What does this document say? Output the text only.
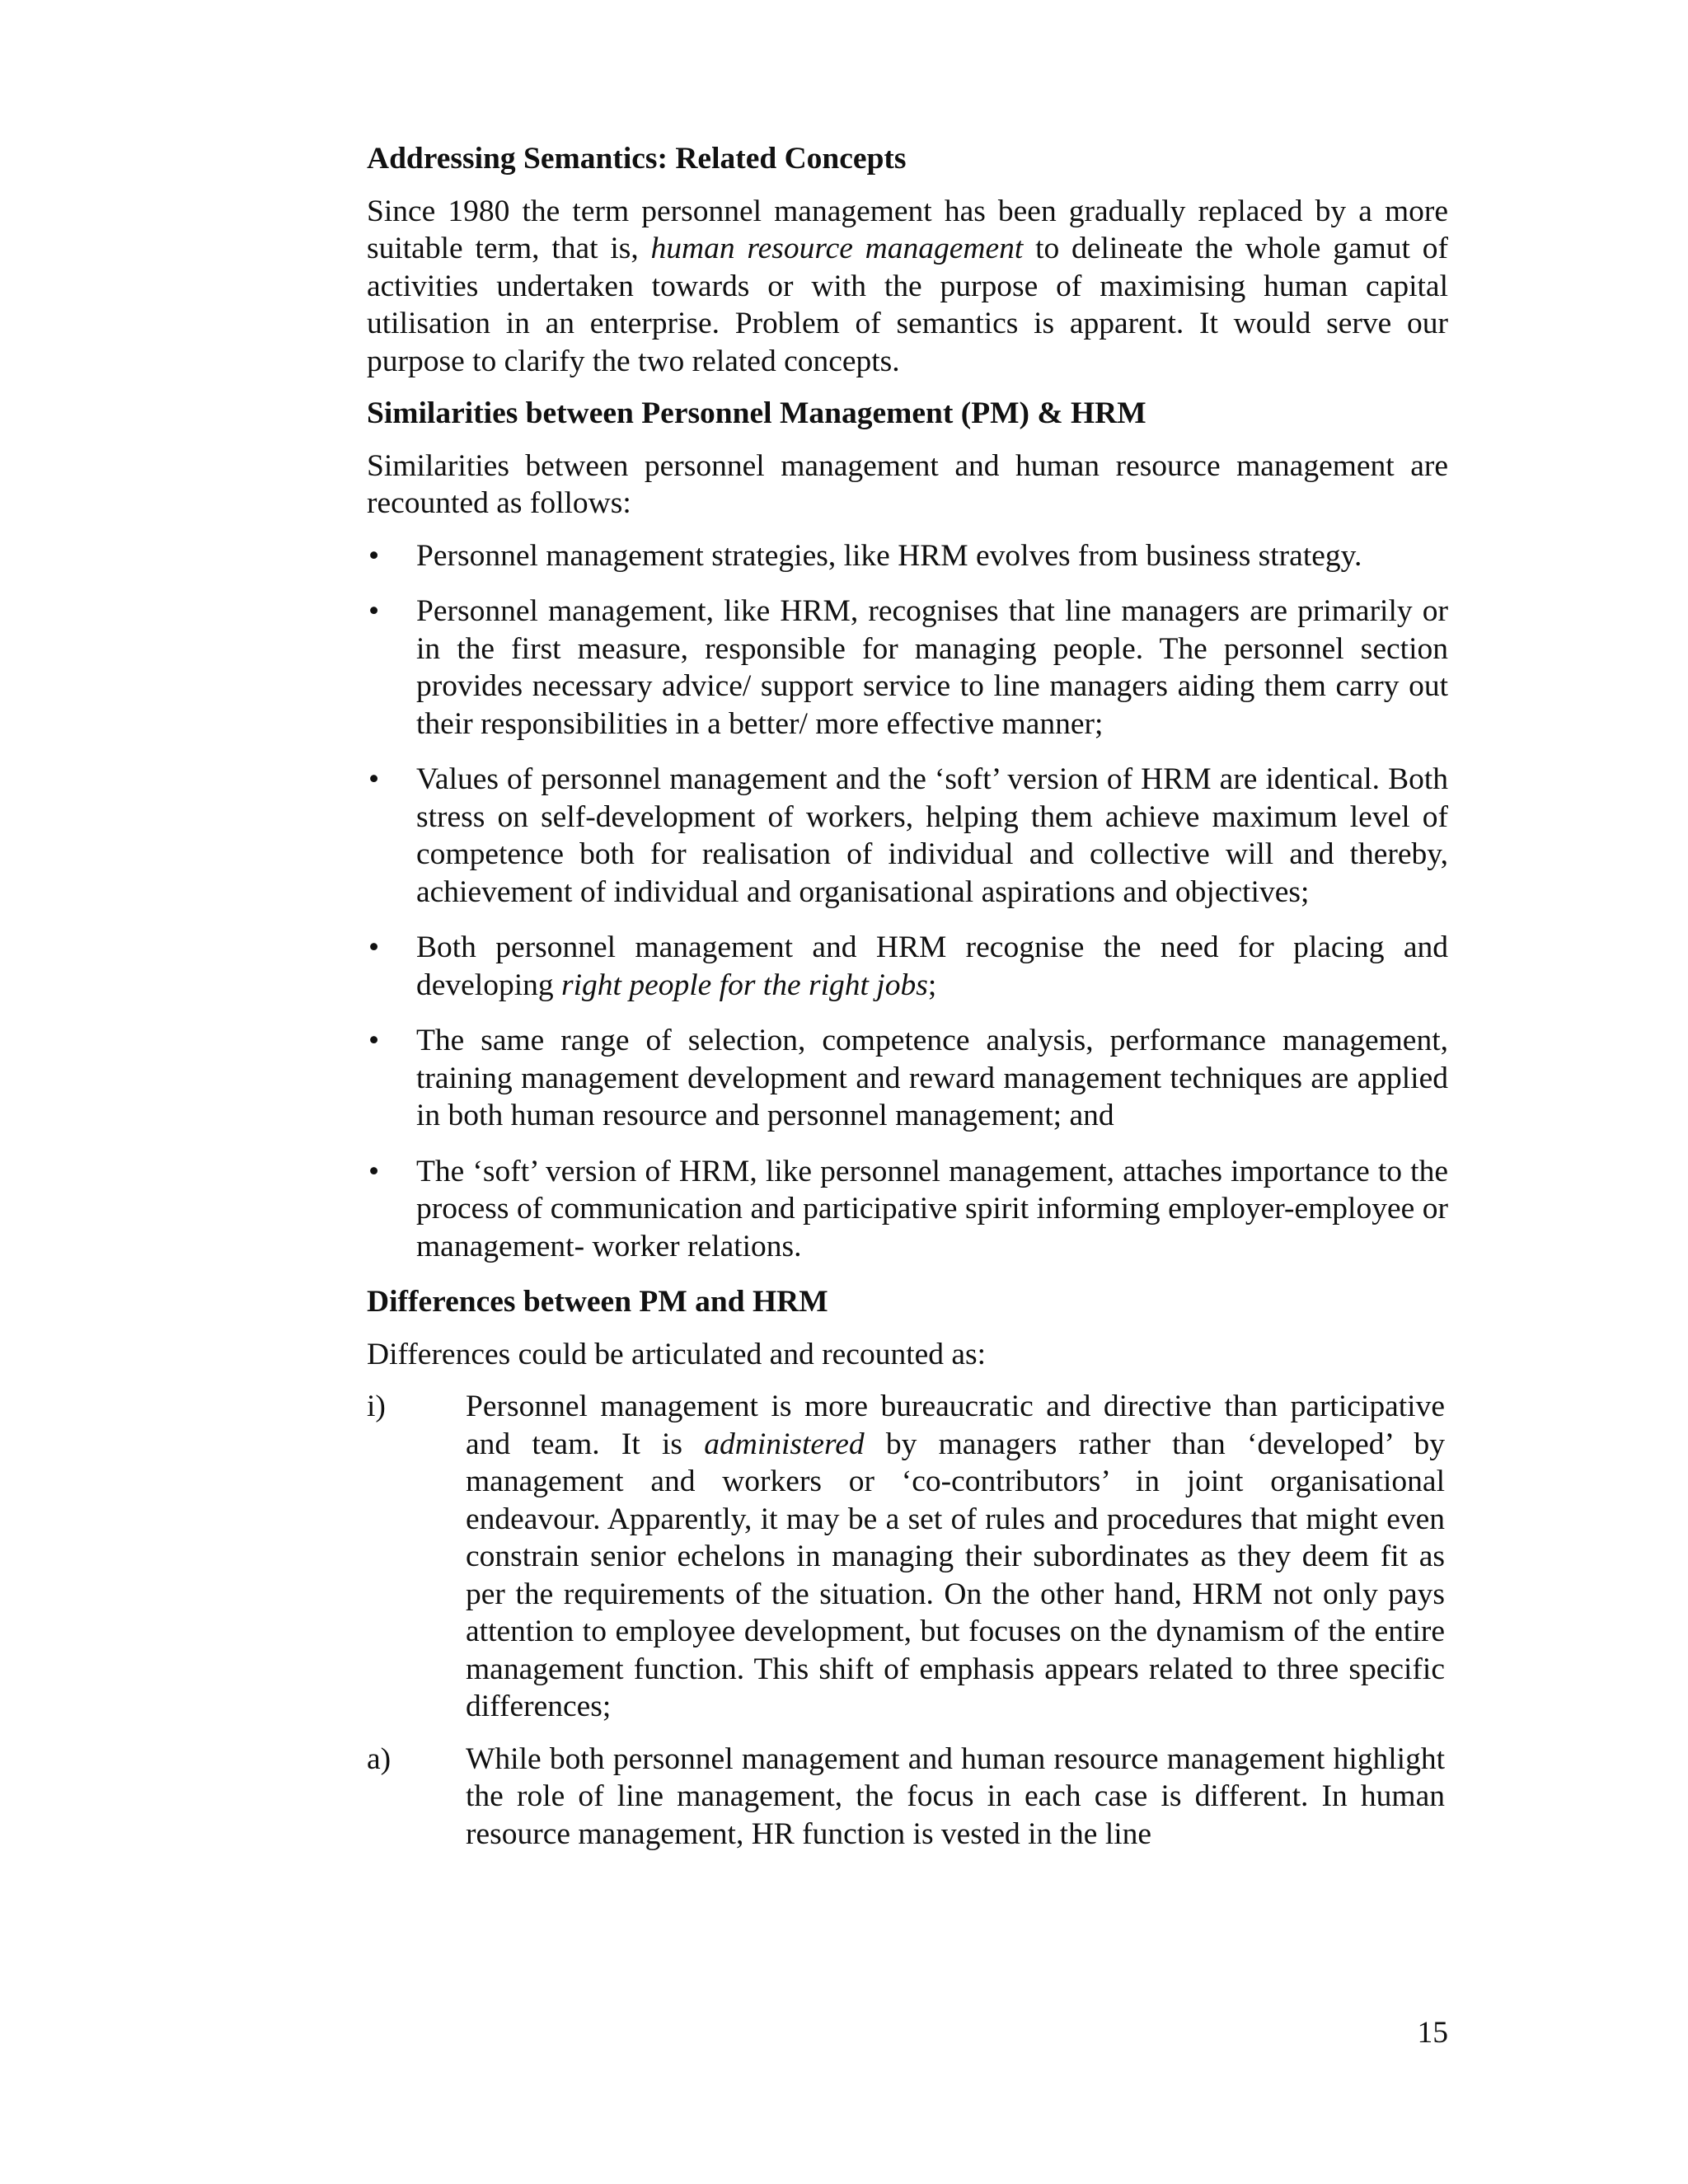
Addressing Semantics: Related Concepts

Since 1980 the term personnel management has been gradually replaced by a more suitable term, that is, human resource management to delineate the whole gamut of activities undertaken towards or with the purpose of maximising human capital utilisation in an enterprise. Problem of semantics is apparent. It would serve our purpose to clarify the two related concepts.

Similarities between Personnel Management (PM) & HRM

Similarities between personnel management and human resource management are recounted as follows:

• Personnel management strategies, like HRM evolves from business strategy.
• Personnel management, like HRM, recognises that line managers are primarily or in the first measure, responsible for managing people. The personnel section provides necessary advice/ support service to line managers aiding them carry out their responsibilities in a better/ more effective manner;
• Values of personnel management and the ‘soft’ version of HRM are identical. Both stress on self-development of workers, helping them achieve maximum level of competence both for realisation of individual and collective will and thereby, achievement of individual and organisational aspirations and objectives;
• Both personnel management and HRM recognise the need for placing and developing right people for the right jobs;
• The same range of selection, competence analysis, performance management, training management development and reward management techniques are applied in both human resource and personnel management; and
• The ‘soft’ version of HRM, like personnel management, attaches importance to the process of communication and participative spirit informing employer-employee or management- worker relations.
Differences between PM and HRM

Differences could be articulated and recounted as:

i)	Personnel management is more bureaucratic and directive than participative and team. It is administered by managers rather than ‘developed’ by management and workers or ‘co-contributors’ in joint organisational endeavour. Apparently, it may be a set of rules and procedures that might even constrain senior echelons in managing their subordinates as they deem fit as per the requirements of the situation. On the other hand, HRM not only pays attention to employee development, but focuses on the dynamism of the entire management function. This shift of emphasis appears related to three specific differences;
a) While both personnel management and human resource management highlight the role of line management, the focus in each case is different. In human resource management, HR function is vested in the line
15
